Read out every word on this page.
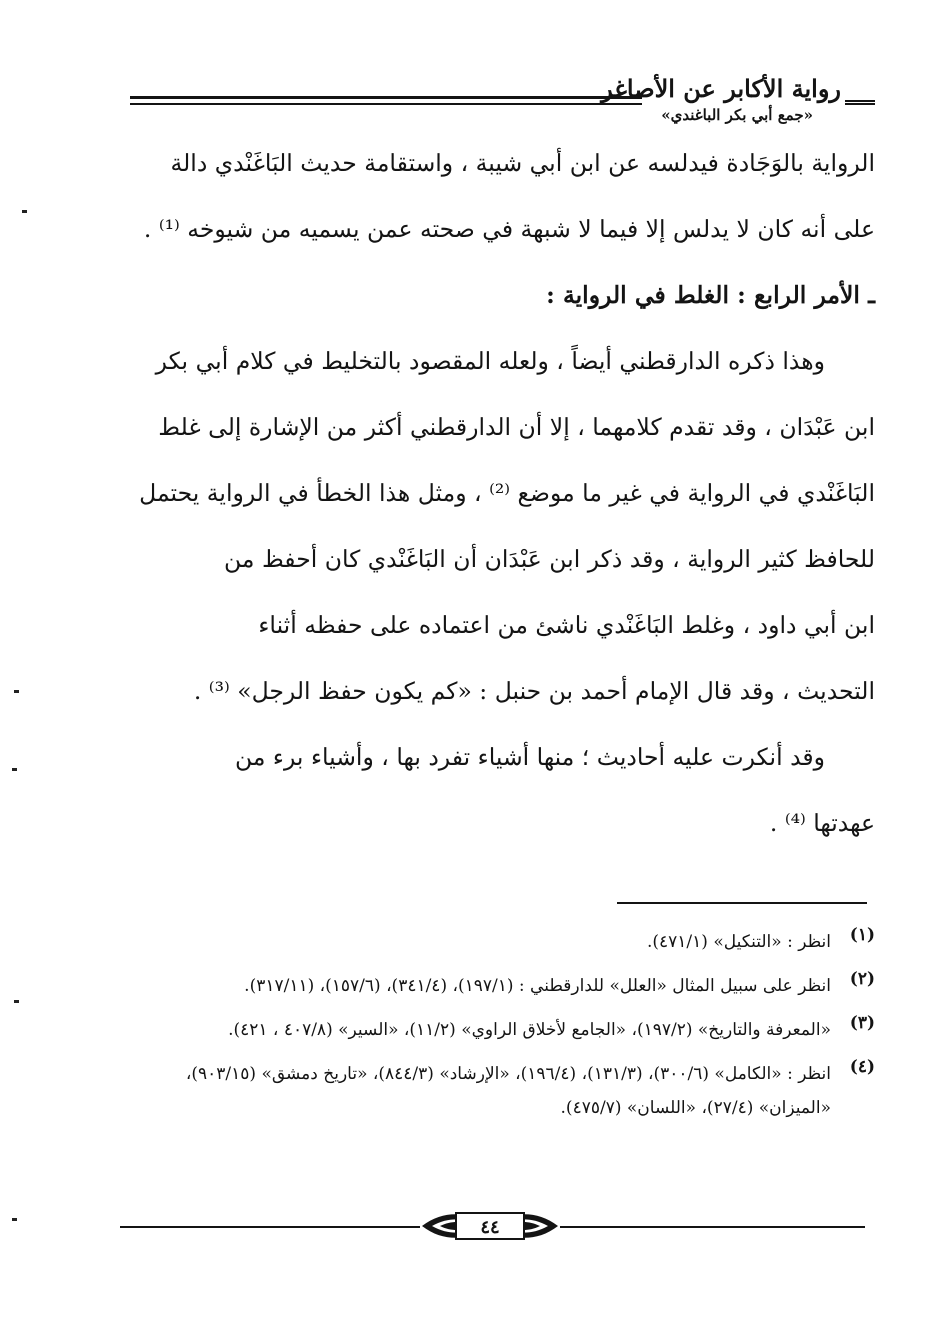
رواية الأكابر عن الأصاغر
«جمع أبي بكر الباغندي»
الرواية بالوَجَادة فيدلسه عن ابن أبي شيبة ، واستقامة حديث البَاغَنْدي دالة
على أنه كان لا يدلس إلا فيما لا شبهة في صحته عمن يسميه من شيوخه ⁽¹⁾ .
ـ الأمر الرابع : الغلط في الرواية :
وهذا ذكره الدارقطني أيضاً ، ولعله المقصود بالتخليط في كلام أبي بكر
ابن عَبْدَان ، وقد تقدم كلامهما ، إلا أن الدارقطني أكثر من الإشارة إلى غلط
البَاغَنْدي في الرواية في غير ما موضع ⁽²⁾ ، ومثل هذا الخطأ في الرواية يحتمل
للحافظ كثير الرواية ، وقد ذكر ابن عَبْدَان أن البَاغَنْدي كان أحفظ من
ابن أبي داود ، وغلط البَاغَنْدي ناشئ من اعتماده على حفظه أثناء
التحديث ، وقد قال الإمام أحمد بن حنبل : «كم يكون حفظ الرجل» ⁽³⁾ .
وقد أنكرت عليه أحاديث ؛ منها أشياء تفرد بها ، وأشياء برء من
عهدتها ⁽⁴⁾ .
(١)
انظر : «التنكيل» (٤٧١/١).
(٢)
انظر على سبيل المثال «العلل» للدارقطني : (١٩٧/١)، (٣٤١/٤)، (١٥٧/٦)، (٣١٧/١١).
(٣)
«المعرفة والتاريخ» (١٩٧/٢)، «الجامع لأخلاق الراوي» (١١/٢)، «السير» (٤٠٧/٨ ، ٤٢١).
(٤)
انظر : «الكامل» (٣٠٠/٦)، (١٣١/٣)، (١٩٦/٤)، «الإرشاد» (٨٤٤/٣)، «تاريخ دمشق» (٩٠٣/١٥)، «الميزان» (٢٧/٤)، «اللسان» (٤٧٥/٧).
٤٤
